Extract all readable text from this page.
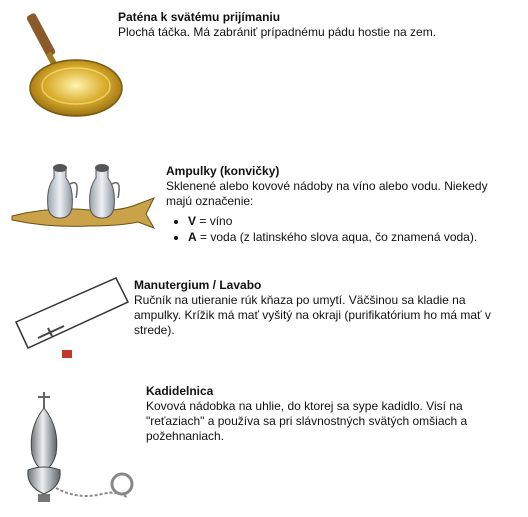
Paténa k svätému prijímaniu
Plochá táčka. Má zabrániť prípadnému pádu hostie na zem.
Ampulky (konvičky)
Sklenené alebo kovové nádoby na víno alebo vodu. Niekedy majú označenie:
• V = víno
• A = voda (z latinského slova aqua, čo znamená voda).
Manutergium / Lavabo
Ručník na utieranie rúk kňaza po umytí. Väčšinou sa kladie na ampulky. Krížik má mať vyšitý na okraji (purifikatórium ho má mať v strede).
Kadidelnica
Kovová nádobka na uhlie, do ktorej sa sype kadidlo. Visí na "reťaziach" a používa sa pri slávnostných svätých omšiach a požehnaniach.
